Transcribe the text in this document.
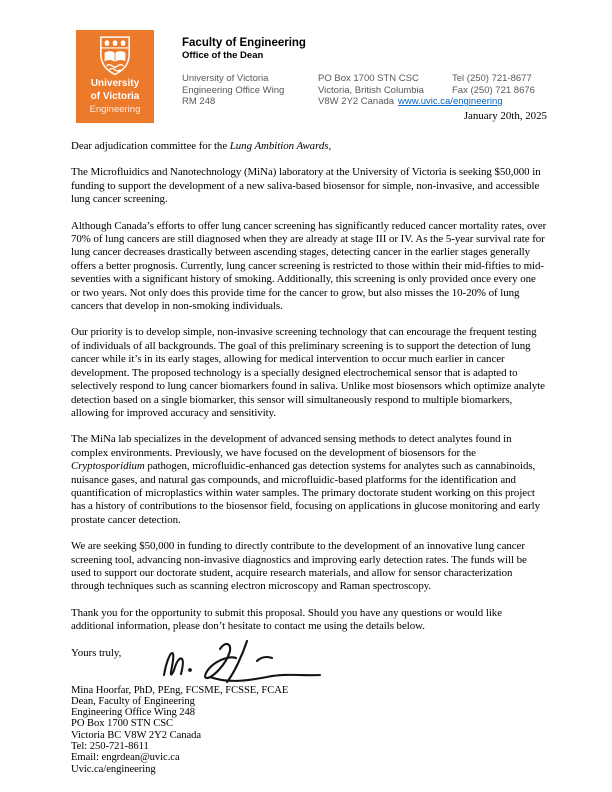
University
of Victoria
Engineering
Faculty of Engineering
Office of the Dean
University of Victoria
Engineering Office Wing
RM 248
PO Box 1700 STN CSC
Victoria, British Columbia
V8W 2Y2 Canada www.uvic.ca/engineering
Tel (250) 721-8677
Fax (250) 721 8676
January 20th, 2025

Dear adjudication committee for the Lung Ambition Awards,

The Microfluidics and Nanotechnology (MiNa) laboratory at the University of Victoria is seeking $50,000 in funding to support the development of a new saliva-based biosensor for simple, non-invasive, and accessible lung cancer screening.

Although Canada’s efforts to offer lung cancer screening has significantly reduced cancer mortality rates, over 70% of lung cancers are still diagnosed when they are already at stage III or IV. As the 5-year survival rate for lung cancer decreases drastically between ascending stages, detecting cancer in the earlier stages generally offers a better prognosis. Currently, lung cancer screening is restricted to those within their mid-fifties to mid-seventies with a significant history of smoking. Additionally, this screening is only provided once every one or two years. Not only does this provide time for the cancer to grow, but also misses the 10-20% of lung cancers that develop in non-smoking individuals.

Our priority is to develop simple, non-invasive screening technology that can encourage the frequent testing of individuals of all backgrounds. The goal of this preliminary screening is to support the detection of lung cancer while it’s in its early stages, allowing for medical intervention to occur much earlier in cancer development. The proposed technology is a specially designed electrochemical sensor that is adapted to selectively respond to lung cancer biomarkers found in saliva. Unlike most biosensors which optimize analyte detection based on a single biomarker, this sensor will simultaneously respond to multiple biomarkers, allowing for improved accuracy and sensitivity.

The MiNa lab specializes in the development of advanced sensing methods to detect analytes found in complex environments. Previously, we have focused on the development of biosensors for the Cryptosporidium pathogen, microfluidic-enhanced gas detection systems for analytes such as cannabinoids, nuisance gases, and natural gas compounds, and microfluidic-based platforms for the identification and quantification of microplastics within water samples. The primary doctorate student working on this project has a history of contributions to the biosensor field, focusing on applications in glucose monitoring and early prostate cancer detection.

We are seeking $50,000 in funding to directly contribute to the development of an innovative lung cancer screening tool, advancing non-invasive diagnostics and improving early detection rates. The funds will be used to support our doctorate student, acquire research materials, and allow for sensor characterization through techniques such as scanning electron microscopy and Raman spectroscopy.

Thank you for the opportunity to submit this proposal. Should you have any questions or would like additional information, please don’t hesitate to contact me using the details below.

Yours truly,
Mina Hoorfar, PhD, PEng, FCSME, FCSSE, FCAE
Dean, Faculty of Engineering
Engineering Office Wing 248
PO Box 1700 STN CSC
Victoria BC V8W 2Y2 Canada
Tel: 250-721-8611
Email: engrdean@uvic.ca
Uvic.ca/engineering
